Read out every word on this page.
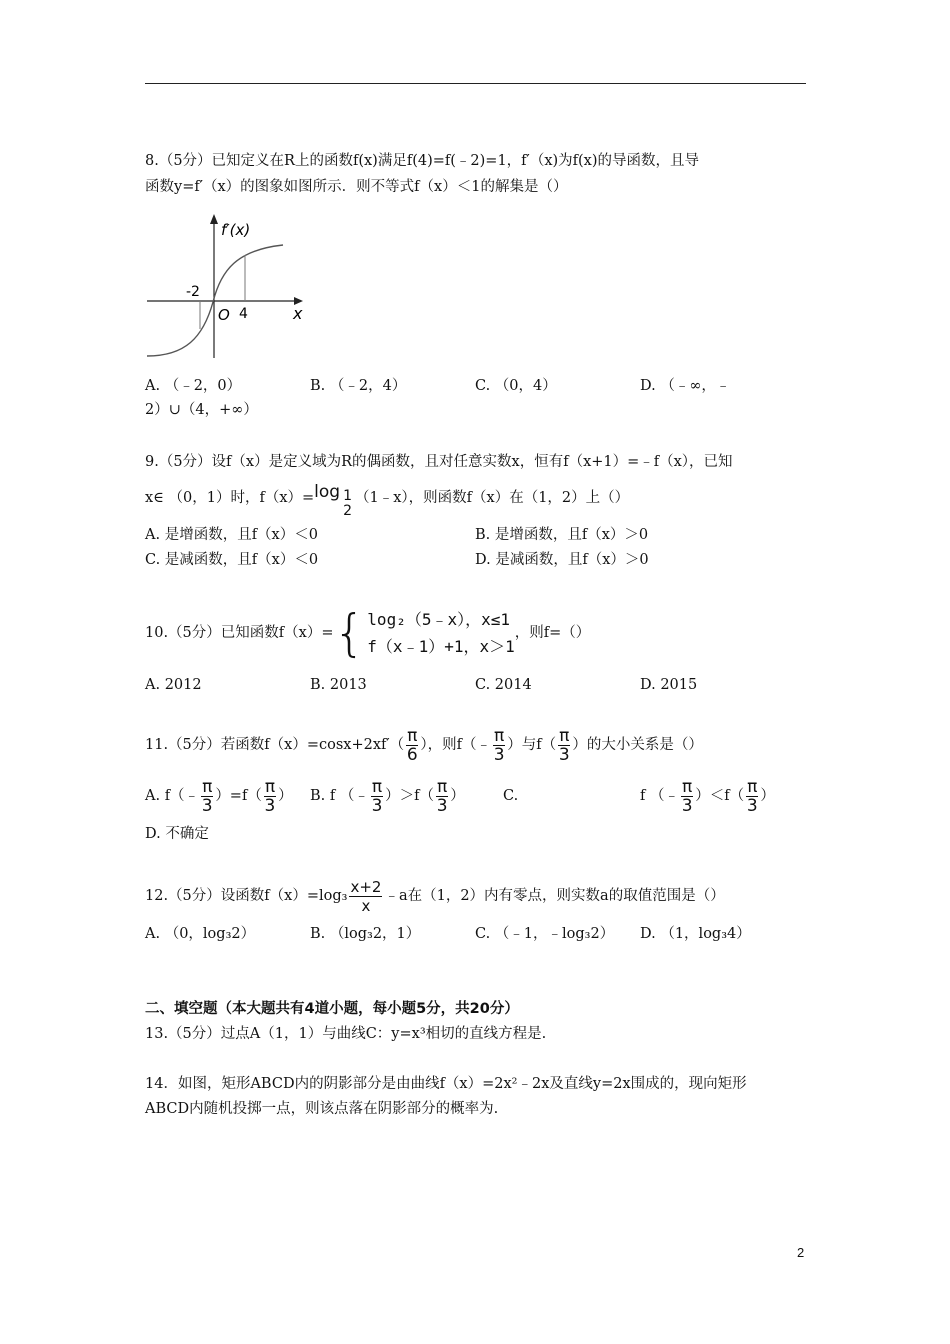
8.（5分）已知定义在R上的函数f(x)满足f(4)=f(﹣2)=1，f′（x)为f(x)的导函数，且导
函数y=f′（x）的图象如图所示．则不等式f（x）＜1的解集是（）
f′(x)
x
O
-2
4
A. （﹣2，0）	B. （﹣2，4）	C. （0，4）	D. （﹣∞，﹣
2）∪（4，+∞）
9.（5分）设f（x）是定义域为R的偶函数，且对任意实数x，恒有f（x+1）=﹣f（x），已知
x∈ （0，1）时，f（x）=log 1
2
（1﹣x），则函数f（x）在（1，2）上（）
A. 是增函数，且f（x）＜0	B. 是增函数，且f（x）＞0
C. 是减函数，且f（x）＜0	D. 是减函数，且f（x）＞0
10.（5分）已知函数f（x）= { log₂（5﹣x），x≤1
f（x﹣1）+1，x＞1
，则f=（）
A. 2012	B. 2013	C. 2014	D. 2015
11.（5分）若函数$f(x)=\cos x+2xf'( \frac{\pi}{6}$ ），则f（﹣ $\frac{\pi}{3}$ ）与$f( \frac{\pi}{3}$ ）的大小关系是（）
A. f（﹣ $\frac{\pi}{3} )=f( \frac{\pi}{3}$ ） B. f （﹣ $\frac{\pi}{3} )>f( \frac{\pi}{3}$ ）	C.	f （﹣ $\frac{\pi}{3} )<f( \frac{\pi}{3}$ ）
D. 不确定
12.（5分）设函数$f(x)=\log_3 \frac{x+2}{x}$ ﹣a在（1，2）内有零点，则实数a的取值范围是（）
A. （0，log₃2）	B. （log₃2，1）	C. （﹣1，﹣log₃2） D. （1，log₃4）
二、填空题（本大题共有4道小题，每小题5分，共20分）
13.（5分）过点A（1，1）与曲线C：y=x³相切的直线方程是.
14．如图，矩形ABCD内的阴影部分是由曲线f（x）=2x²﹣2x及直线y=2x围成的，现向矩形
ABCD内随机投掷一点，则该点落在阴影部分的概率为.
2
